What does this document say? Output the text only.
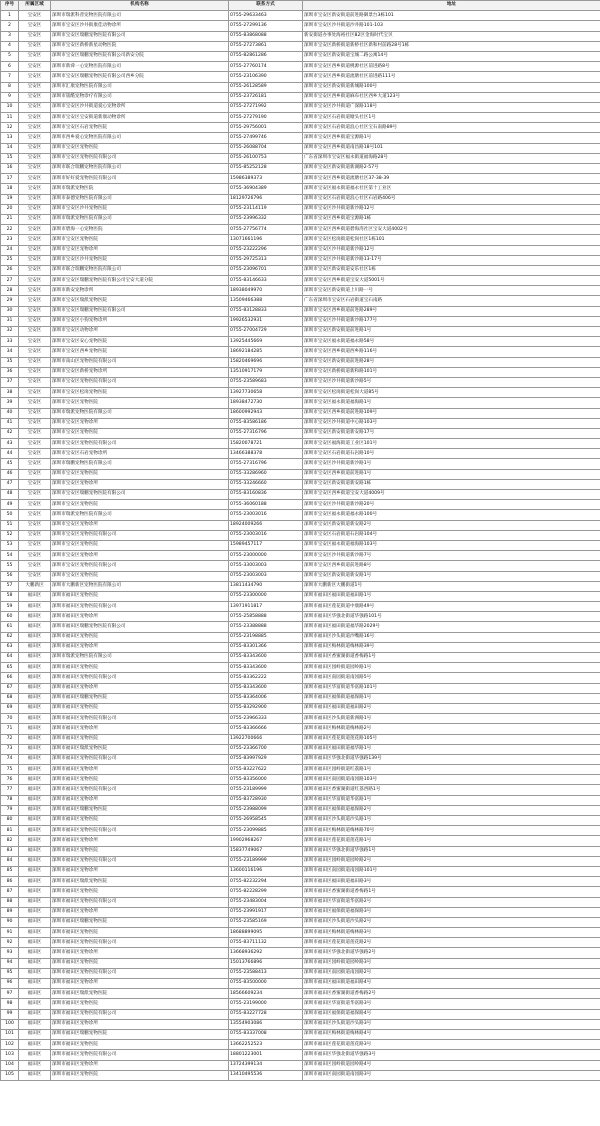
序号	所属区域	机构名称	联系方式	地址
1	宝安区	深圳市瑞派科普宠物医院有限公司	0755-29633463	深圳市宝安区新安街道前进路御景台3栋101
2	宝安区	深圳市宝安区沙井街康佳动物诊所	0755-27299136	深圳市宝安区沙井街道沙井路101-103
3	宝安区	深圳市宝安区瑞鹏宠物医院有限公司	0755-83868088	新安街道办事处海裕社区82区金海时代宝贝
4	宝安区	深圳市宝安区新桥新星动物医院	0755-27273861	深圳市宝安区新桥街道新桥社区新和村前路28号1栋
5	宝安区	深圳市宝安区瑞鹏宠物医院有限公司新安分院	0755-82861286	深圳市宝安区新安街道宝城二路公寓14号
6	宝安区	深圳市新舜一心宠物医院有限公司	0755-27760174	深圳市宝安区西乡街道桃源社区前进路8号
7	宝安区	深圳市宝安区瑞鹏宠物医院有限公司西乡分院	0755-23106390	深圳市宝安区西乡街道流塘社区前进路111号
8	宝安区	深圳市汇康宠物医院有限公司	0755-26128589	深圳市宝安区新安街道新城路100号
9	宝安区	深圳市簇酷宠物诊疗有限公司	0755-23726181	深圳市宝安区西乡街道麻布社区西乡大道123号
10	宝安区	深圳市宝安区沙井街道爱心宠物诊所	0755-27271992	深圳市宝安区沙井街道广深路118号
11	宝安区	深圳市宝安区宝安街道新康动物诊所	0755-27279190	深圳市宝安区石岩街道塘头社区1号
12	宝安区	深圳市宝安区石岩宠物医院	0755-29756001	深圳市宝安区石岩街道浪心社区宝石南路89号
13	宝安区	深圳市西乡爱心宠物医院有限公司	0755-27499746	深圳市宝安区西乡街道宝源路1号
14	宝安区	深圳市宝安区宠物医院	0755-26088704	深圳市宝安区西乡街道南昌路18号101
15	宝安区	深圳市宝安区宠物医院有限公司	0755-26100753	广东省深圳市宝安区福永街道福海路28号
16	宝安区	深圳市联合瑞鹏宠物医院有限公司	0755-85252128	深圳市宝安区新安街道新湖路2-57号
17	宝安区	深圳市好好爱宠物医院有限公司	15986389373	深圳市宝安区西乡街道流塘社区37-38-39
18	宝安区	深圳市瑞派宠物医院	0755-36904389	深圳市宝安区福永街道福永社区第十工业区
19	宝安区	深圳市泰德宠物医院有限公司	18129726796	深圳市宝安区石岩街道浪心社区石岩路406号
20	宝安区	深圳市宝安区沙井宠物医院	0755-23114119	深圳市宝安区沙井街道新沙路12号
21	宝安区	深圳市瑞派宠物医院有限公司	0755-23996332	深圳市宝安区西乡街道宝源路1栋
22	宝安区	深圳市碧海一心宠物医院	0755-27756774	深圳市宝安区西乡街道碧海湾社区宝安大道4002号
23	宝安区	深圳市宝安区宠物医院	13071661196	深圳市宝安区松岗街道松岗社区1栋101
24	宝安区	深圳市宝安区宠物诊所	0755-23222296	深圳市宝安区沙井街道新沙路12号
25	宝安区	深圳市宝安区沙井宠物医院	0755-29725313	深圳市宝安区沙井街道新沙路13-17号
26	宝安区	深圳市联合瑞鹏宠物医院有限公司	0755-23096701	深圳市宝安区新安街道安乐社区1栋
27	宝安区	深圳市宝安区瑞鹏宠物医院有限公司宝安大道分院	0755-83146633	深圳市宝安区西乡街道宝安大道5001号
28	宝安区	深圳市新安宠物诊所	18938049970	深圳市宝安区新安街道上川路一号
29	宝安区	深圳市宝安区瑞派宠物医院	13509466388	广东省深圳市宝安区石岩街道宝石南路
30	宝安区	深圳市宝安区瑞鹏宠物医院有限公司	0755-83128833	深圳市宝安区西乡街道前进路289号
31	宝安区	深圳市宝安区小狗宠物诊所	19926532931	深圳市宝安区沙井街道新沙路177号
32	宝安区	深圳市宝安区动物诊所	0755-27004729	深圳市宝安区新安街道前进路1号
33	宝安区	深圳市宝安区安心宠物医院	13925445669	深圳市宝安区福永街道福永路58号
34	宝安区	深圳市宝安区西乡宠物医院	18692184285	深圳市宝安区西乡街道西乡路116号
35	宝安区	深圳市南山区宠物医院有限公司	15820469696	深圳市宝安区新安街道前进路28号
36	宝安区	深圳市宝安区新桥宠物诊所	13510917179	深圳市宝安区新桥街道新和路101号
37	宝安区	深圳市宝安区宠物医院有限公司	0755-23589683	深圳市宝安区沙井街道新沙路5号
38	宝安区	深圳市宝安区松岗宠物医院	13927730658	深圳市宝安区松岗街道松岗大道85号
39	宝安区	深圳市宝安区宠物医院	18938472730	深圳市宝安区福永街道福海路1号
40	宝安区	深圳市瑞派宠物医院有限公司	18600992943	深圳市宝安区西乡街道前进路109号
41	宝安区	深圳市宝安区宠物诊所	0755-83586186	深圳市宝安区沙井街道中心路103号
42	宝安区	深圳市宝安区宠物医院	0755-27316796	深圳市宝安区新安街道新安路17号
43	宝安区	深圳市宝安区宠物医院有限公司	15820078721	深圳市宝安区福海街道工业区101号
44	宝安区	深圳市宝安区石岩宠物诊所	13466388378	深圳市宝安区石岩街道石岩路10号
45	宝安区	深圳市瑞鹏宠物医院有限公司	0755-27316796	深圳市宝安区沙井街道新沙路1号
46	宝安区	深圳市宝安区宠物医院	0755-33286960	深圳市宝安区西乡街道前进路1号
47	宝安区	深圳市宝安区宠物诊所	0755-33246660	深圳市宝安区新安街道新安路1栋
48	宝安区	深圳市宝安区瑞鹏宠物医院有限公司	0755-83160836	深圳市宝安区西乡街道宝安大道4009号
49	宝安区	深圳市宝安区宠物医院	0755-36060188	深圳市宝安区沙井街道新沙路20号
50	宝安区	深圳市瑞派宠物医院有限公司	0755-23003016	深圳市宝安区福永街道福永路100号
51	宝安区	深圳市宝安区宠物诊所	18924009266	深圳市宝安区新安街道新安路2号
52	宝安区	深圳市宝安区宠物医院有限公司	0755-23003016	深圳市宝安区石岩街道石岩路104号
53	宝安区	深圳市宝安区宠物医院	15989457117	深圳市宝安区福永街道福海路103号
54	宝安区	深圳市宝安区宠物诊所	0755-23000000	深圳市宝安区沙井街道新沙路7号
55	宝安区	深圳市宝安区宠物医院有限公司	0755-33003003	深圳市宝安区西乡街道前进路8号
56	宝安区	深圳市宝安区宠物医院	0755-23003003	深圳市宝安区新安街道新安路1号
57	大鹏新区	深圳市大鹏新区宠物医院有限公司	13811434790	深圳市大鹏新区大鹏街道1号
58	福田区	深圳市福田区宠物医院	0755-23300000	深圳市福田区福田街道福田路1号
59	福田区	深圳市福田区宠物医院有限公司	13971911817	深圳市福田区莲花街道中康路49号
60	福田区	深圳市福田区宠物诊所	0755-25858888	深圳市福田区华强北街道华强路101号
61	福田区	深圳市福田区瑞鹏宠物医院有限公司	0755-23388888	深圳市福田区福田街道福华路2029号
62	福田区	深圳市福田区宠物医院	0755-23198885	深圳市福田区沙头街道沙嘴路16号
63	福田区	深圳市福田区宠物诊所	0755-83301366	深圳市福田区梅林街道梅林路39号
64	福田区	深圳市瑞派宠物医院有限公司	0755-83343600	深圳市福田区香蜜湖街道香梅路1号
65	福田区	深圳市福田区宠物医院	0755-83343600	深圳市福田区园岭街道园岭路1号
66	福田区	深圳市福田区宠物医院有限公司	0755-83362222	深圳市福田区南园街道南园路5号
67	福田区	深圳市福田区宠物诊所	0755-83343600	深圳市福田区华富街道华富路101号
68	福田区	深圳市福田区瑞鹏宠物医院	0755-83364006	深圳市福田区福保街道福保路1号
69	福田区	深圳市福田区宠物医院	0755-83292900	深圳市福田区福田街道福田路2号
70	福田区	深圳市福田区宠物医院有限公司	0755-23966333	深圳市福田区沙头街道新洲路1号
71	福田区	深圳市福田区宠物诊所	0755-83366666	深圳市福田区梅林街道梅林路2号
72	福田区	深圳市福田区宠物医院	13922700666	深圳市福田区莲花街道莲花路105号
73	福田区	深圳市福田区瑞派宠物医院	0755-23366700	深圳市福田区福田街道福华路1号
74	福田区	深圳市福田区宠物医院有限公司	0755-83997929	深圳市福田区华强北街道华强路139号
75	福田区	深圳市福田区宠物诊所	0755-83227622	深圳市福田区园岭街道红荔路1号
76	福田区	深圳市福田区宠物医院	0755-83356000	深圳市福田区南园街道南园路103号
77	福田区	深圳市福田区宠物医院有限公司	0755-23189999	深圳市福田区香蜜湖街道红荔西路1号
78	福田区	深圳市福田区宠物诊所	0755-83728930	深圳市福田区华富街道华富路1号
79	福田区	深圳市福田区瑞鹏宠物医院	0755-23988099	深圳市福田区福保街道福保路2号
80	福田区	深圳市福田区宠物医院	0755-26958545	深圳市福田区沙头街道沙头路1号
81	福田区	深圳市福田区宠物医院有限公司	0755-23099885	深圳市福田区梅林街道梅林路70号
82	福田区	深圳市福田区宠物诊所	19902968267	深圳市福田区莲花街道莲花路1号
83	福田区	深圳市福田区宠物医院	15837749067	深圳市福田区华强北街道华强路1号
84	福田区	深圳市福田区宠物医院有限公司	0755-23189999	深圳市福田区园岭街道园岭路2号
85	福田区	深圳市福田区宠物诊所	13600116196	深圳市福田区南园街道南园路101号
86	福田区	深圳市福田区瑞派宠物医院	0755-82232294	深圳市福田区福田街道福田路3号
87	福田区	深圳市福田区宠物医院	0755-82228299	深圳市福田区香蜜湖街道香梅路1号
88	福田区	深圳市福田区宠物医院有限公司	0755-23483004	深圳市福田区华富街道华富路2号
89	福田区	深圳市福田区宠物诊所	0755-23991917	深圳市福田区福保街道福保路3号
90	福田区	深圳市福田区瑞鹏宠物医院	0755-23585169	深圳市福田区沙头街道沙头路2号
91	福田区	深圳市福田区宠物医院	18688899095	深圳市福田区梅林街道梅林路3号
92	福田区	深圳市福田区宠物医院有限公司	0755-83711132	深圳市福田区莲花街道莲花路2号
93	福田区	深圳市福田区宠物诊所	13668936292	深圳市福田区华强北街道华强路2号
94	福田区	深圳市福田区宠物医院	15013766896	深圳市福田区园岭街道园岭路3号
95	福田区	深圳市福田区宠物医院有限公司	0755-23588413	深圳市福田区南园街道南园路2号
96	福田区	深圳市福田区宠物诊所	0755-83500000	深圳市福田区福田街道福田路4号
97	福田区	深圳市福田区瑞派宠物医院	18566609234	深圳市福田区香蜜湖街道香梅路2号
98	福田区	深圳市福田区宠物医院	0755-23199000	深圳市福田区华富街道华富路3号
99	福田区	深圳市福田区宠物医院有限公司	0755-83227728	深圳市福田区福保街道福保路4号
100	福田区	深圳市福田区宠物诊所	13554903086	深圳市福田区沙头街道沙头路3号
101	福田区	深圳市福田区瑞鹏宠物医院	0755-83337008	深圳市福田区梅林街道梅林路4号
102	福田区	深圳市福田区宠物医院	13662252523	深圳市福田区莲花街道莲花路3号
103	福田区	深圳市福田区宠物医院有限公司	18801223001	深圳市福田区华强北街道华强路3号
104	福田区	深圳市福田区宠物诊所	13724399134	深圳市福田区园岭街道园岭路4号
105	福田区	深圳市福田区宠物医院	13410495536	深圳市福田区南园街道南园路3号
